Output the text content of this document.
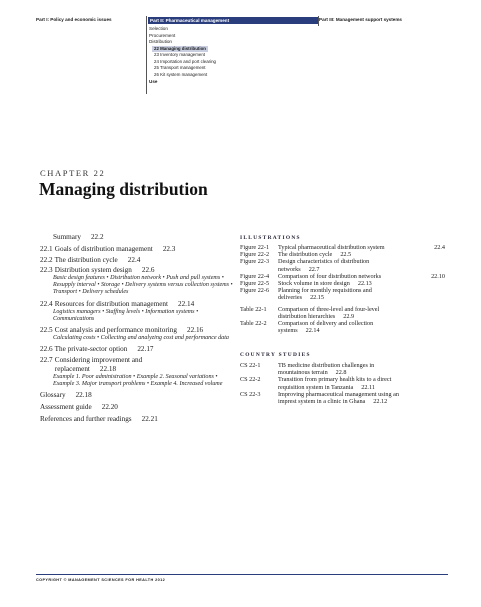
Part I: Policy and economic issues	Part II: Pharmaceutical management	Part III: Management support systems
Selection
Procurement
Distribution
22 Managing distribution
23 Inventory management
24 Importation and port clearing
25 Transport management
26 Kit system management
Use
CHAPTER 22
Managing distribution
Summary 22.2
22.1 Goals of distribution management 22.3
22.2 The distribution cycle 22.4
22.3 Distribution system design 22.6
Basic design features • Distribution network • Push and pull systems • Resupply interval • Storage • Delivery systems versus collection systems • Transport • Delivery schedules
22.4 Resources for distribution management 22.14
Logistics managers • Staffing levels • Information systems • Communications
22.5 Cost analysis and performance monitoring 22.16
Calculating costs • Collecting and analyzing cost and performance data
22.6 The private-sector option 22.17
22.7 Considering improvement and
replacement 22.18
Example 1. Poor administration • Example 2. Seasonal variations • Example 3. Major transport problems • Example 4. Increased volume
Glossary 22.18
Assessment guide 22.20
References and further readings 22.21
ILLUSTRATIONS
Figure 22-1 Typical pharmaceutical distribution system	22.4
Figure 22-2 The distribution cycle 22.5
Figure 22-3 Design characteristics of distribution networks 22.7
Figure 22-4 Comparison of four distribution networks	22.10
Figure 22-5 Stock volume in store design 22.13
Figure 22-6 Planning for monthly requisitions and deliveries 22.15
Table 22-1 Comparison of three-level and four-level distribution hierarchies 22.9
Table 22-2 Comparison of delivery and collection systems 22.14
COUNTRY STUDIES
CS 22-1	TB medicine distribution challenges in mountainous terrain 22.8
CS 22-2	Transition from primary health kits to a direct requisition system in Tanzania 22.11
CS 22-3	Improving pharmaceutical management using an imprest system in a clinic in Ghana 22.12
COPYRIGHT © MANAGEMENT SCIENCES FOR HEALTH 2012
